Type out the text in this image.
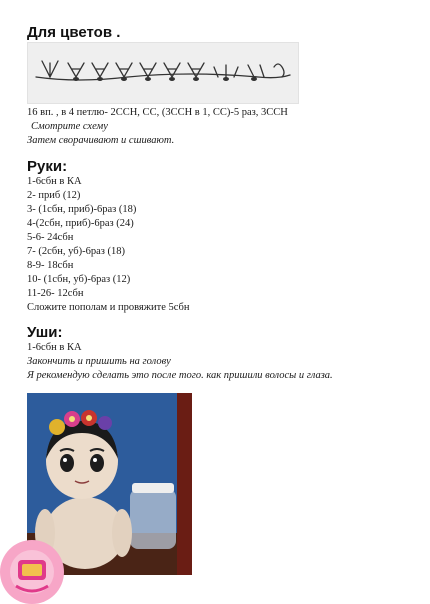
Для цветов .
16 вп. , в 4 петлю- 2ССН, СС, (3ССН в 1, СС)-5 раз, 3ССН
Смотрите схему
Затем сворачивают и сшивают.
Руки:
1-6сбн в КА
2- приб (12)
3- (1сбн, приб)-6раз (18)
4-(2сбн, приб)-6раз (24)
5-6- 24сбн
7- (2сбн, уб)-6раз (18)
8-9- 18сбн
10- (1сбн, уб)-6раз (12)
11-26- 12сбн
Сложите пополам и провяжите 5сбн
Уши:
1-6сбн в КА
Закончить и пришить на голову
Я рекомендую сделать это после того. как пришили волосы и глаза.
